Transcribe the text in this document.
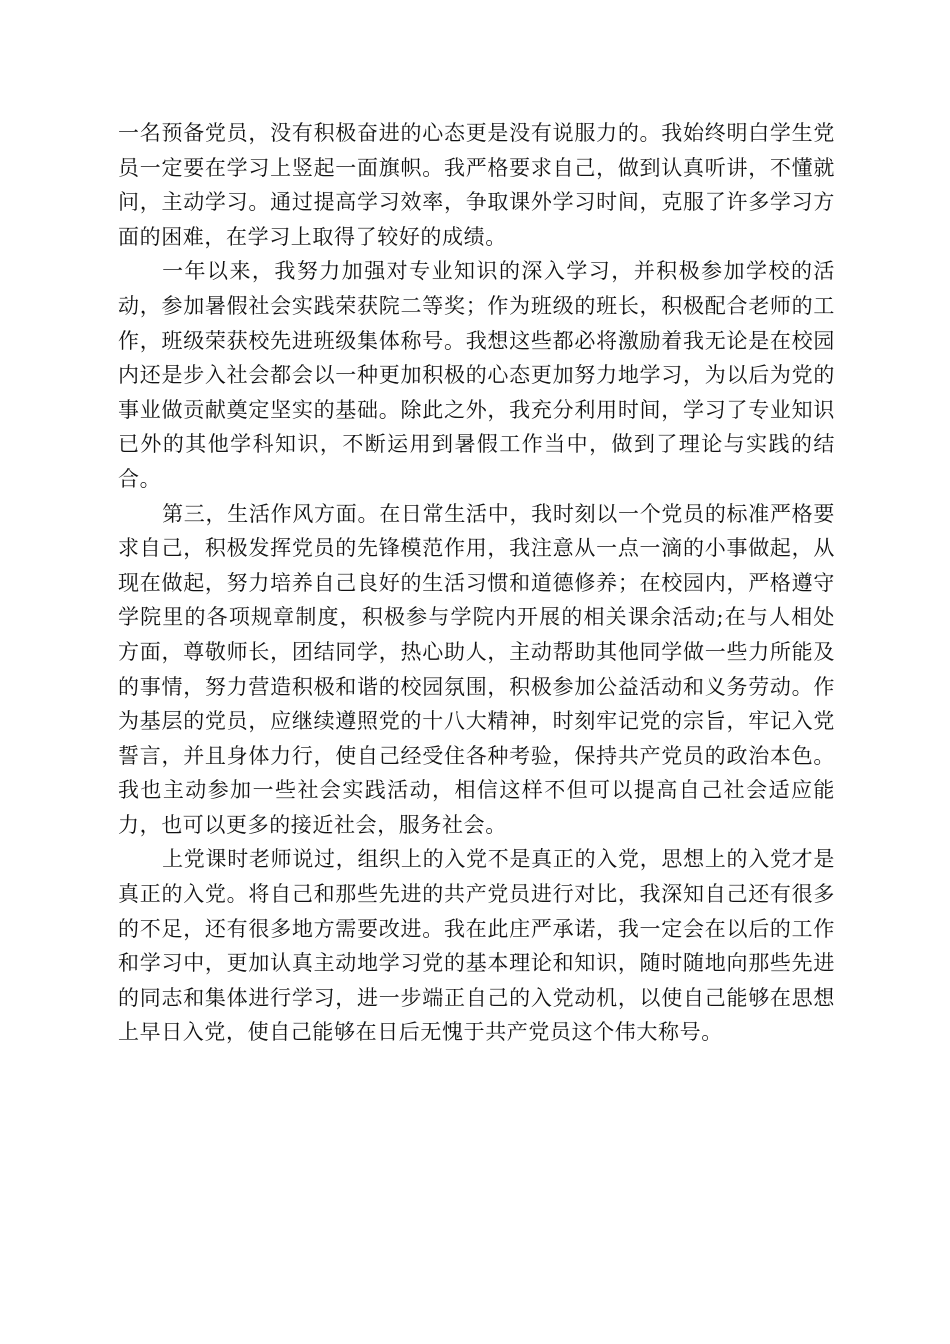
一名预备党员，没有积极奋进的心态更是没有说服力的。我始终明白学生党员一定要在学习上竖起一面旗帜。我严格要求自己，做到认真听讲，不懂就问，主动学习。通过提高学习效率，争取课外学习时间，克服了许多学习方面的困难，在学习上取得了较好的成绩。

一年以来，我努力加强对专业知识的深入学习，并积极参加学校的活动，参加暑假社会实践荣获院二等奖；作为班级的班长，积极配合老师的工作，班级荣获校先进班级集体称号。我想这些都必将激励着我无论是在校园内还是步入社会都会以一种更加积极的心态更加努力地学习，为以后为党的事业做贡献奠定坚实的基础。除此之外，我充分利用时间，学习了专业知识已外的其他学科知识，不断运用到暑假工作当中，做到了理论与实践的结合。

第三，生活作风方面。在日常生活中，我时刻以一个党员的标准严格要求自己，积极发挥党员的先锋模范作用，我注意从一点一滴的小事做起，从现在做起，努力培养自己良好的生活习惯和道德修养；在校园内，严格遵守学院里的各项规章制度，积极参与学院内开展的相关课余活动;在与人相处方面，尊敬师长，团结同学，热心助人，主动帮助其他同学做一些力所能及的事情，努力营造积极和谐的校园氛围，积极参加公益活动和义务劳动。作为基层的党员，应继续遵照党的十八大精神，时刻牢记党的宗旨，牢记入党誓言，并且身体力行，使自己经受住各种考验，保持共产党员的政治本色。我也主动参加一些社会实践活动，相信这样不但可以提高自己社会适应能力，也可以更多的接近社会，服务社会。

上党课时老师说过，组织上的入党不是真正的入党，思想上的入党才是真正的入党。将自己和那些先进的共产党员进行对比，我深知自己还有很多的不足，还有很多地方需要改进。我在此庄严承诺，我一定会在以后的工作和学习中，更加认真主动地学习党的基本理论和知识，随时随地向那些先进的同志和集体进行学习，进一步端正自己的入党动机，以使自己能够在思想上早日入党，使自己能够在日后无愧于共产党员这个伟大称号。
